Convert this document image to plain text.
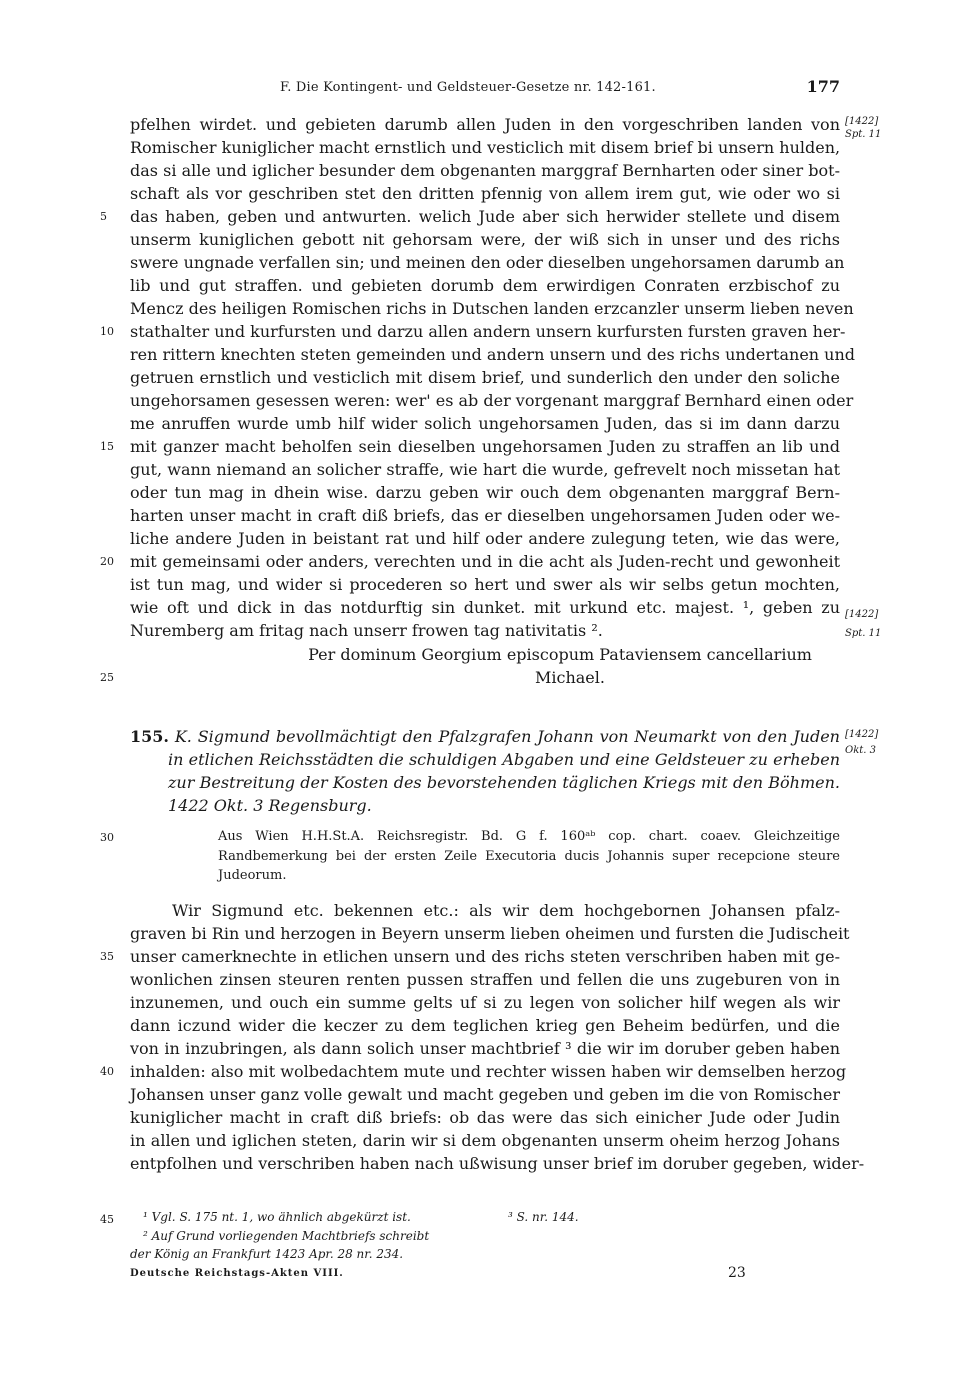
F. Die Kontingent- und Geldsteuer-Gesetze nr. 142-161.	177
pfelhen wirdet. und gebieten darumb allen Juden in den vorgeschriben landen von
Romischer kuniglicher macht ernstlich und vesticlich mit disem brief bi unsern hulden,
das si alle und iglicher besunder dem obgenanten marggraf Bernharten oder siner bot-
schaft als vor geschriben stet den dritten pfennig von allem irem gut, wie oder wo si
das haben, geben und antwurten. welich Jude aber sich herwider stellete und disem
unserm kuniglichen gebott nit gehorsam were, der wiß sich in unser und des richs
swere ungnade verfallen sin; und meinen den oder dieselben ungehorsamen darumb an
lib und gut straffen. und gebieten dorumb dem erwirdigen Conraten erzbischof zu
Mencz des heiligen Romischen richs in Dutschen landen erzcanzler unserm lieben neven
stathalter und kurfursten und darzu allen andern unsern kurfursten fursten graven her-
ren rittern knechten steten gemeinden und andern unsern und des richs undertanen und
getruen ernstlich und vesticlich mit disem brief, und sunderlich den under den soliche
ungehorsamen gesessen weren: wer' es ab der vorgenant marggraf Bernhard einen oder
me anruffen wurde umb hilf wider solich ungehorsamen Juden, das si im dann darzu
mit ganzer macht beholfen sein dieselben ungehorsamen Juden zu straffen an lib und
gut, wann niemand an solicher straffe, wie hart die wurde, gefrevelt noch missetan hat
oder tun mag in dhein wise. darzu geben wir ouch dem obgenanten marggraf Bern-
harten unser macht in craft diß briefs, das er dieselben ungehorsamen Juden oder we-
liche andere Juden in beistant rat und hilf oder andere zulegung teten, wie das were,
mit gemeinsami oder anders, verechten und in die acht als Juden-recht und gewonheit
ist tun mag, und wider si procederen so hert und swer als wir selbs getun mochten,
wie oft und dick in das notdurftig sin dunket. mit urkund etc. majest. ¹, geben zu
Nuremberg am fritag nach unserr frowen tag nativitatis ².
Per dominum Georgium episcopum Pataviensem cancellarium
Michael.
[1422]
Spt. 11
[1422]
Spt. 11
5
10
15
20
25
155. K. Sigmund bevollmächtigt den Pfalzgrafen Johann von Neumarkt von den Juden
in etlichen Reichsstädten die schuldigen Abgaben und eine Geldsteuer zu erheben
zur Bestreitung der Kosten des bevorstehenden täglichen Kriegs mit den Böhmen.
1422 Okt. 3 Regensburg.
[1422]
Okt. 3
Aus Wien H.H.St.A. Reichsregistr. Bd. G f. 160ᵃᵇ cop. chart. coaev. Gleichzeitige
Randbemerkung bei der ersten Zeile Executoria ducis Johannis super recepcione steure
Judeorum.
30
Wir Sigmund etc. bekennen etc.: als wir dem hochgebornen Johansen pfalz-
graven bi Rin und herzogen in Beyern unserm lieben oheimen und fursten die Judischeit
unser camerknechte in etlichen unsern und des richs steten verschriben haben mit ge-
wonlichen zinsen steuren renten pussen straffen und fellen die uns zugeburen von in
inzunemen, und ouch ein summe gelts uf si zu legen von solicher hilf wegen als wir
dann iczund wider die keczer zu dem teglichen krieg gen Beheim bedürfen, und die
von in inzubringen, als dann solich unser machtbrief ³ die wir im doruber geben haben
inhalden: also mit wolbedachtem mute und rechter wissen haben wir demselben herzog
Johansen unser ganz volle gewalt und macht gegeben und geben im die von Romischer
kuniglicher macht in craft diß briefs: ob das were das sich einicher Jude oder Judin
in allen und iglichen steten, darin wir si dem obgenanten unserm oheim herzog Johans
entpfolhen und verschriben haben nach ußwisung unser brief im doruber gegeben, wider-
35
40
45	¹ Vgl. S. 175 nt. 1, wo ähnlich abgekürzt ist.
² Auf Grund vorliegenden Machtbriefs schreibt
der König an Frankfurt 1423 Apr. 28 nr. 234.
³ S. nr. 144.
Deutsche Reichstags-Akten VIII.	23
